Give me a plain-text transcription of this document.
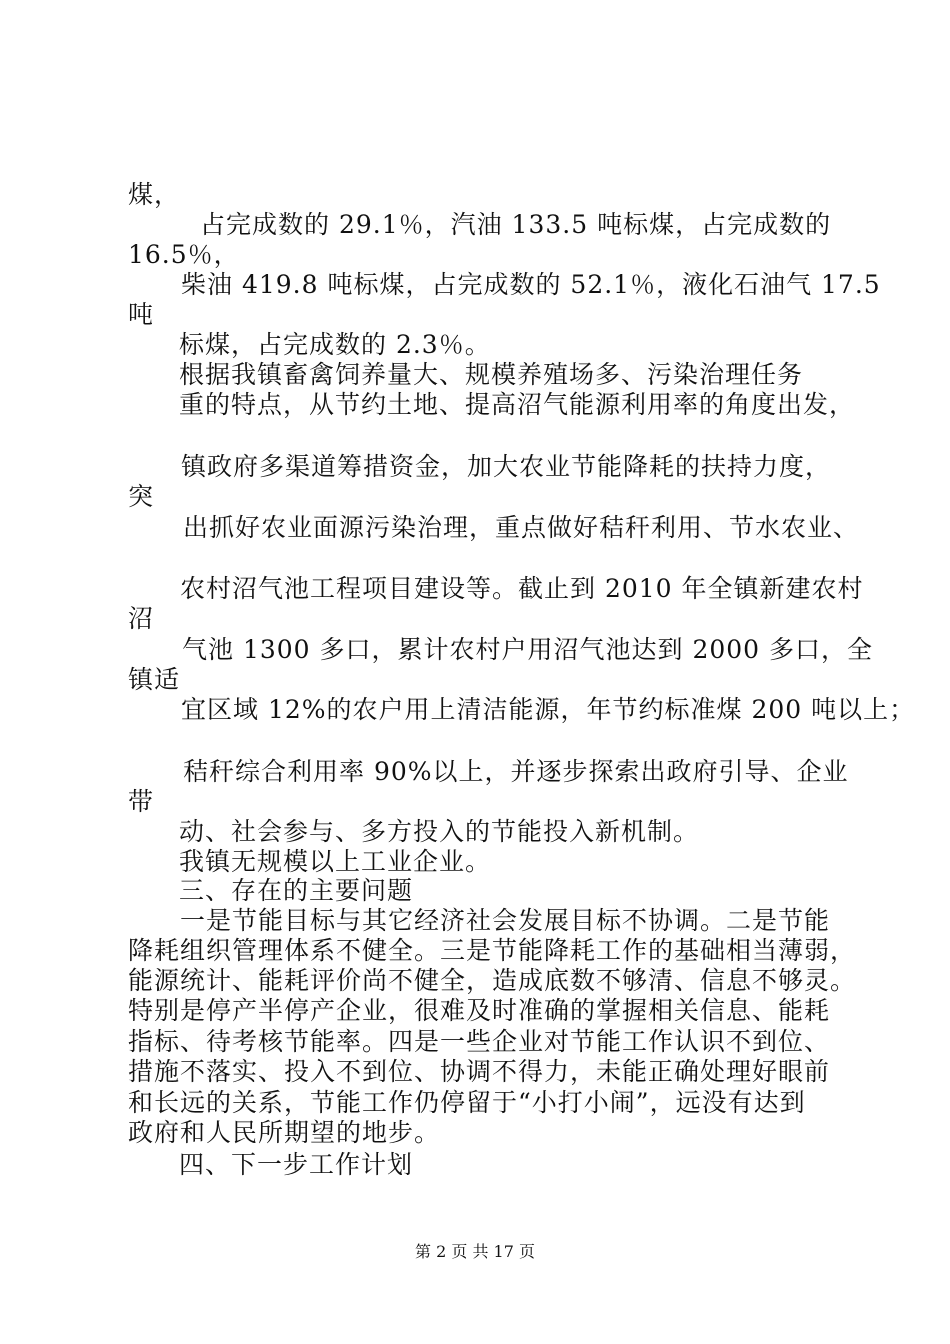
煤，

占完成数的 29.1％，汽油 133.5 吨标煤，占完成数的

16.5％，

柴油 419.8 吨标煤，占完成数的 52.1％，液化石油气 17.5

吨

标煤，占完成数的 2.3％。

根据我镇畜禽饲养量大、规模养殖场多、污染治理任务

重的特点，从节约土地、提高沼气能源利用率的角度出发，

镇政府多渠道筹措资金，加大农业节能降耗的扶持力度，

突

出抓好农业面源污染治理，重点做好秸秆利用、节水农业、

农村沼气池工程项目建设等。截止到 2010 年全镇新建农村

沼

气池 1300 多口，累计农村户用沼气池达到 2000 多口，全

镇适

宜区域 12%的农户用上清洁能源，年节约标准煤 200 吨以上；

秸秆综合利用率 90%以上，并逐步探索出政府引导、企业

带

动、社会参与、多方投入的节能投入新机制。

我镇无规模以上工业企业。

三、存在的主要问题

一是节能目标与其它经济社会发展目标不协调。二是节能

降耗组织管理体系不健全。三是节能降耗工作的基础相当薄弱，

能源统计、能耗评价尚不健全，造成底数不够清、信息不够灵。

特别是停产半停产企业，很难及时准确的掌握相关信息、能耗

指标、待考核节能率。四是一些企业对节能工作认识不到位、

措施不落实、投入不到位、协调不得力，未能正确处理好眼前

和长远的关系，节能工作仍停留于“小打小闹”，远没有达到

政府和人民所期望的地步。

四、下一步工作计划

第 2 页 共 17 页
